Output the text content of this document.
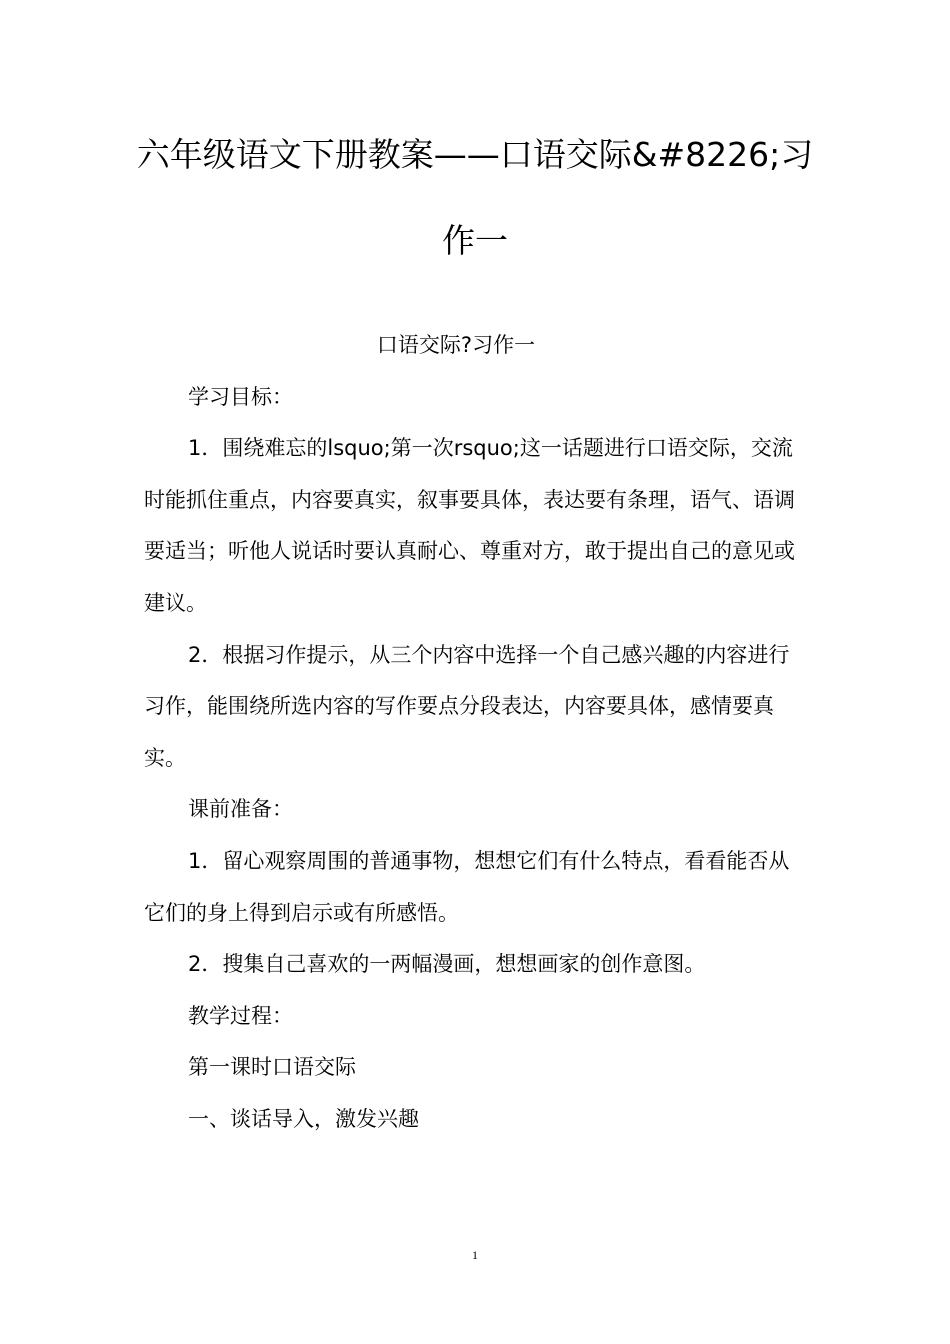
六年级语文下册教案——口语交际&#8226;习作一

口语交际?习作一

学习目标：

1．围绕难忘的lsquo;第一次rsquo;这一话题进行口语交际，交流时能抓住重点，内容要真实，叙事要具体，表达要有条理，语气、语调要适当；听他人说话时要认真耐心、尊重对方，敢于提出自己的意见或建议。

2．根据习作提示，从三个内容中选择一个自己感兴趣的内容进行习作，能围绕所选内容的写作要点分段表达，内容要具体，感情要真实。

课前准备：

1．留心观察周围的普通事物，想想它们有什么特点，看看能否从它们的身上得到启示或有所感悟。

2．搜集自己喜欢的一两幅漫画，想想画家的创作意图。

教学过程：

第一课时口语交际

一、谈话导入，激发兴趣

1
